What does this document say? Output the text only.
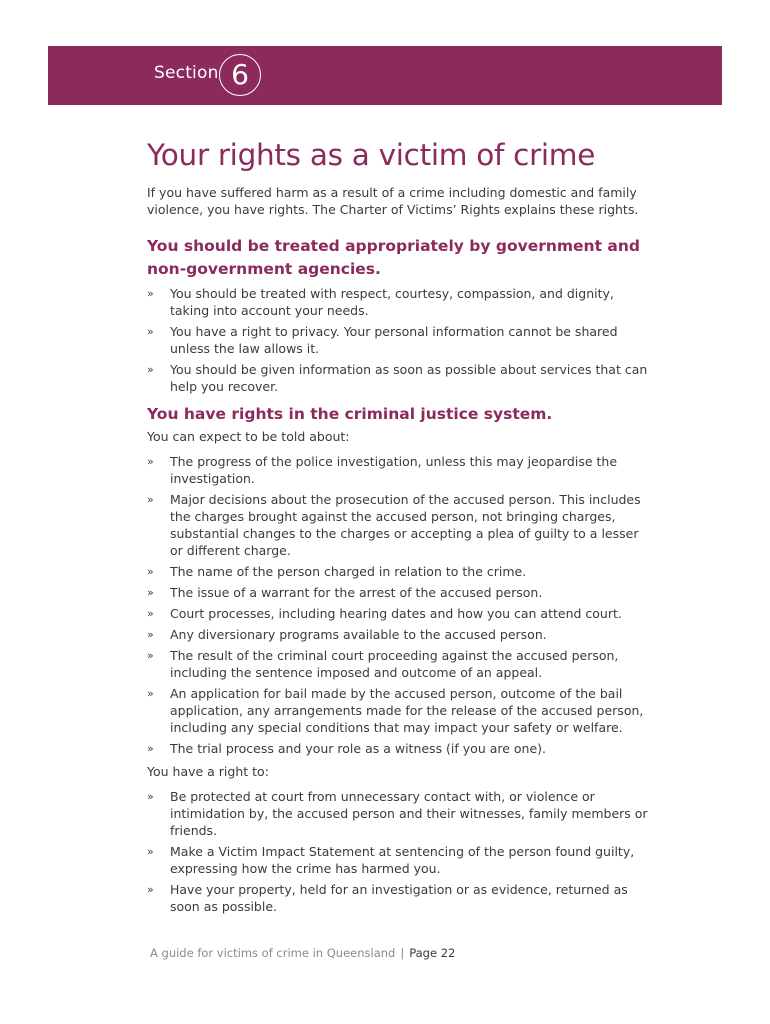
Section 6
Your rights as a victim of crime

If you have suffered harm as a result of a crime including domestic and family violence, you have rights. The Charter of Victims’ Rights explains these rights.

You should be treated appropriately by government and non-government agencies.
» You should be treated with respect, courtesy, compassion, and dignity, taking into account your needs.
» You have a right to privacy. Your personal information cannot be shared unless the law allows it.
» You should be given information as soon as possible about services that can help you recover.
You have rights in the criminal justice system.

You can expect to be told about:

» The progress of the police investigation, unless this may jeopardise the investigation.
» Major decisions about the prosecution of the accused person. This includes the charges brought against the accused person, not bringing charges, substantial changes to the charges or accepting a plea of guilty to a lesser or different charge.
» The name of the person charged in relation to the crime.
» The issue of a warrant for the arrest of the accused person.
» Court processes, including hearing dates and how you can attend court.
» Any diversionary programs available to the accused person.
» The result of the criminal court proceeding against the accused person, including the sentence imposed and outcome of an appeal.
» An application for bail made by the accused person, outcome of the bail application, any arrangements made for the release of the accused person, including any special conditions that may impact your safety or welfare.
» The trial process and your role as a witness (if you are one).

You have a right to:

» Be protected at court from unnecessary contact with, or violence or intimidation by, the accused person and their witnesses, family members or friends.
» Make a Victim Impact Statement at sentencing of the person found guilty, expressing how the crime has harmed you.
» Have your property, held for an investigation or as evidence, returned as soon as possible.
A guide for victims of crime in Queensland | Page 22
